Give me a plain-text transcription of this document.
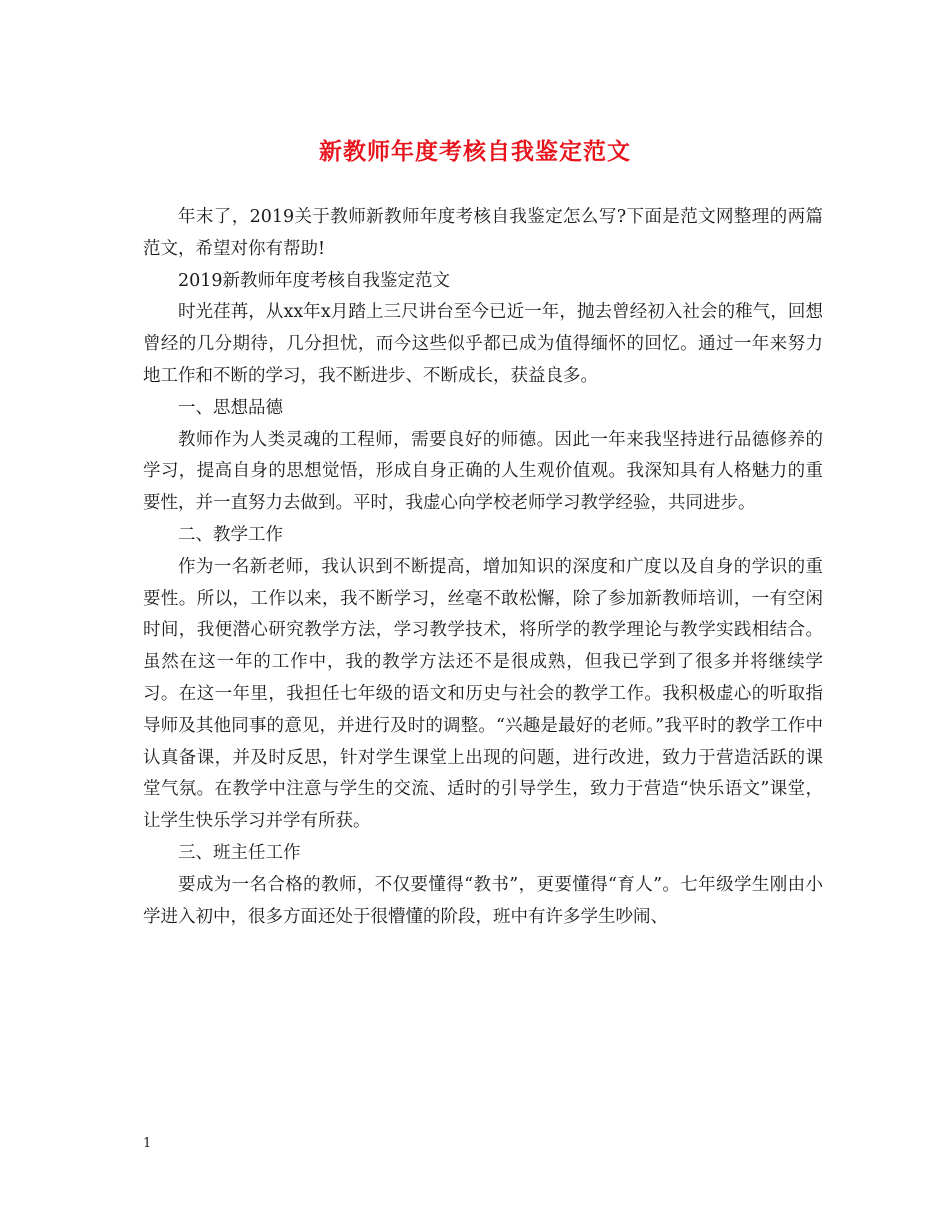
新教师年度考核自我鉴定范文

年末了，2019关于教师新教师年度考核自我鉴定怎么写?下面是范文网整理的两篇范文，希望对你有帮助!

2019新教师年度考核自我鉴定范文

时光荏苒，从xx年x月踏上三尺讲台至今已近一年，抛去曾经初入社会的稚气，回想曾经的几分期待，几分担忧，而今这些似乎都已成为值得缅怀的回忆。通过一年来努力地工作和不断的学习，我不断进步、不断成长，获益良多。

一、思想品德

教师作为人类灵魂的工程师，需要良好的师德。因此一年来我坚持进行品德修养的学习，提高自身的思想觉悟，形成自身正确的人生观价值观。我深知具有人格魅力的重要性，并一直努力去做到。平时，我虚心向学校老师学习教学经验，共同进步。

二、教学工作

作为一名新老师，我认识到不断提高，增加知识的深度和广度以及自身的学识的重要性。所以，工作以来，我不断学习，丝毫不敢松懈，除了参加新教师培训，一有空闲时间，我便潜心研究教学方法，学习教学技术，将所学的教学理论与教学实践相结合。虽然在这一年的工作中，我的教学方法还不是很成熟，但我已学到了很多并将继续学习。在这一年里，我担任七年级的语文和历史与社会的教学工作。我积极虚心的听取指导师及其他同事的意见，并进行及时的调整。“兴趣是最好的老师。”我平时的教学工作中认真备课，并及时反思，针对学生课堂上出现的问题，进行改进，致力于营造活跃的课堂气氛。在教学中注意与学生的交流、适时的引导学生，致力于营造“快乐语文”课堂，让学生快乐学习并学有所获。

三、班主任工作

要成为一名合格的教师，不仅要懂得“教书”，更要懂得“育人”。七年级学生刚由小学进入初中，很多方面还处于很懵懂的阶段，班中有许多学生吵闹、

1
